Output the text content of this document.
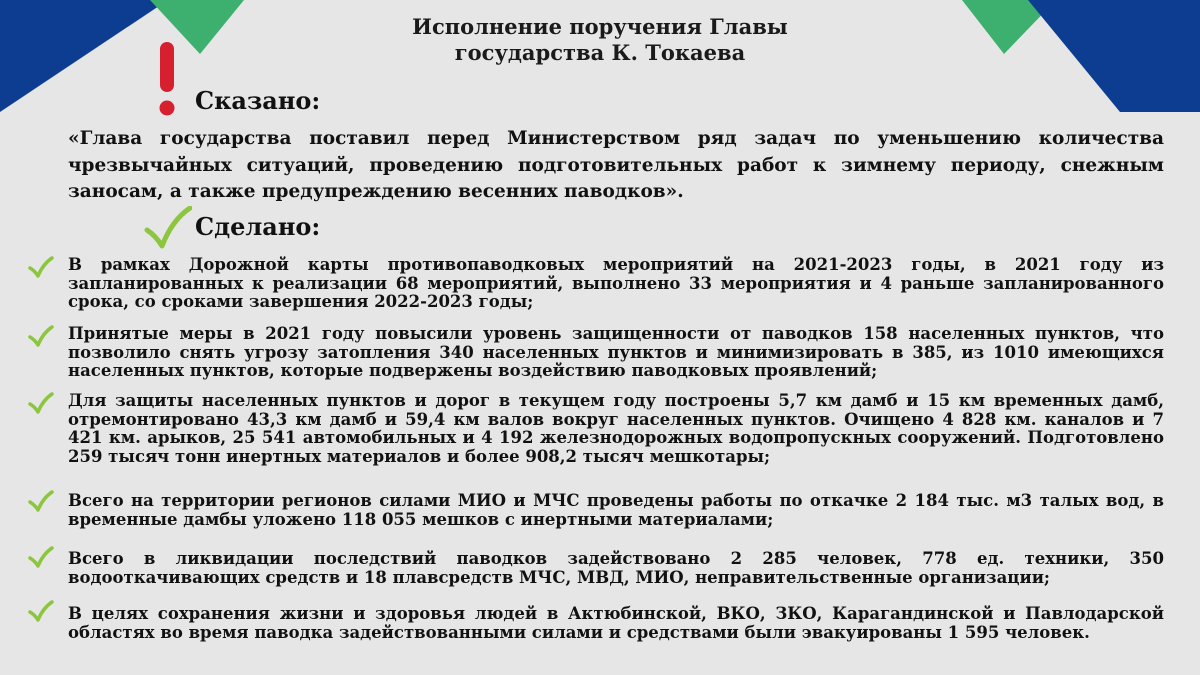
Исполнение поручения Главы
государства К. Токаева
Сказано:
«Глава государства поставил перед Министерством ряд задач по уменьшению количества чрезвычайных ситуаций, проведению подготовительных работ к зимнему периоду, снежным заносам, а также предупреждению весенних паводков».
Сделано:
В рамках Дорожной карты противопаводковых мероприятий на 2021-2023 годы, в 2021 году из запланированных к реализации 68 мероприятий, выполнено 33 мероприятия и 4 раньше запланированного срока, со сроками завершения 2022-2023 годы;
Принятые меры в 2021 году повысили уровень защищенности от паводков 158 населенных пунктов, что позволило снять угрозу затопления 340 населенных пунктов и минимизировать в 385, из 1010 имеющихся населенных пунктов, которые подвержены воздействию паводковых проявлений;
Для защиты населенных пунктов и дорог в текущем году построены 5,7 км дамб и 15 км временных дамб, отремонтировано 43,3 км дамб и 59,4 км валов вокруг населенных пунктов. Очищено 4 828 км. каналов и 7 421 км. арыков, 25 541 автомобильных и 4 192 железнодорожных водопропускных сооружений. Подготовлено 259 тысяч тонн инертных материалов и более 908,2 тысяч мешкотары;
Всего на территории регионов силами МИО и МЧС проведены работы по откачке 2 184 тыс. м3 талых вод, в временные дамбы уложено 118 055 мешков с инертными материалами;
Всего в ликвидации последствий паводков задействовано 2 285 человек, 778 ед. техники, 350 водооткачивающих средств и 18 плавсредств МЧС, МВД, МИО, неправительственные организации;
В целях сохранения жизни и здоровья людей в Актюбинской, ВКО, ЗКО, Карагандинской и Павлодарской областях во время паводка задействованными силами и средствами были эвакуированы 1 595 человек.
